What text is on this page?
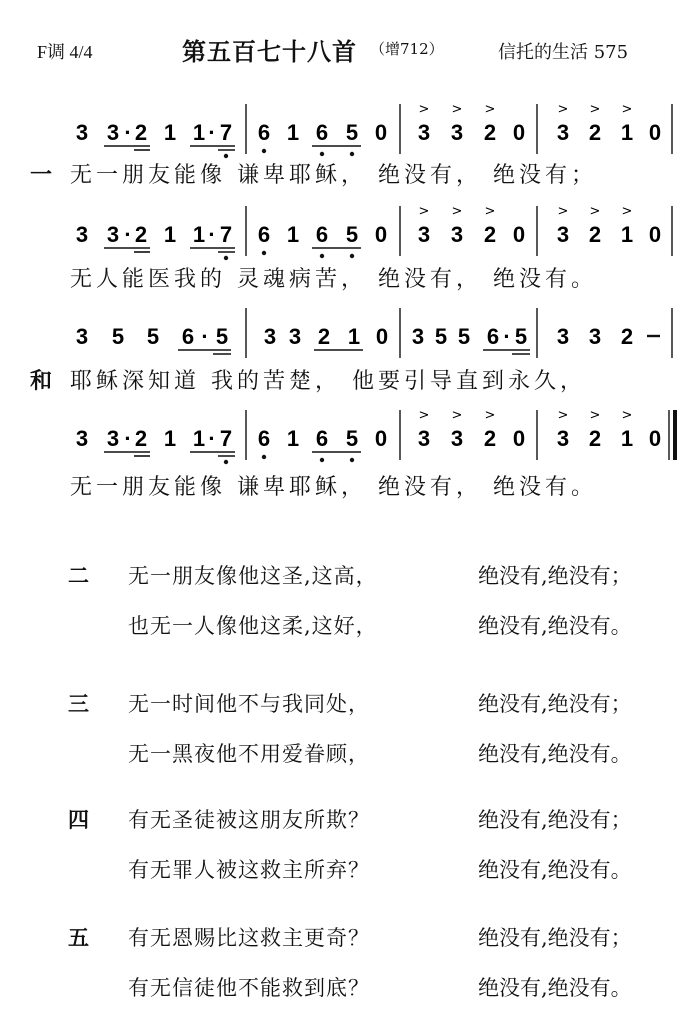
F调 4/4	第五百七十八首 （增712）	信托的生活 575
3 3 · 2 1 1 · 7 6 1 6 5 0
> > >
3 3 2 0
> > >
3 2 1 0
3 3 · 2 1 1 · 7 6 1 6 5 0
> > >
3 3 2 0
> > >
3 2 1 0
3 5 5 6 · 5 3 3 2 1 0 3 5 5 6 · 5 3 3 2
3 3 · 2 1 1 · 7 6 1 6 5 0
> > >
3 3 2 0
> > >
3 2 1 0
一 无一朋友能像 谦卑耶稣， 绝没有， 绝没有；
无人能医我的 灵魂病苦， 绝没有， 绝没有。
和 耶稣深知道 我的苦楚， 他要引导直到永久，
无一朋友能像 谦卑耶稣， 绝没有， 绝没有。
二 无一朋友像他这圣,这高，	绝没有,绝没有；
也无一人像他这柔,这好，	绝没有,绝没有。
三 无一时间他不与我同处，	绝没有,绝没有；
无一黑夜他不用爱眷顾，	绝没有,绝没有。
四 有无圣徒被这朋友所欺？	绝没有,绝没有；
有无罪人被这救主所弃？	绝没有,绝没有。
五 有无恩赐比这救主更奇？	绝没有,绝没有；
有无信徒他不能救到底？	绝没有,绝没有。
